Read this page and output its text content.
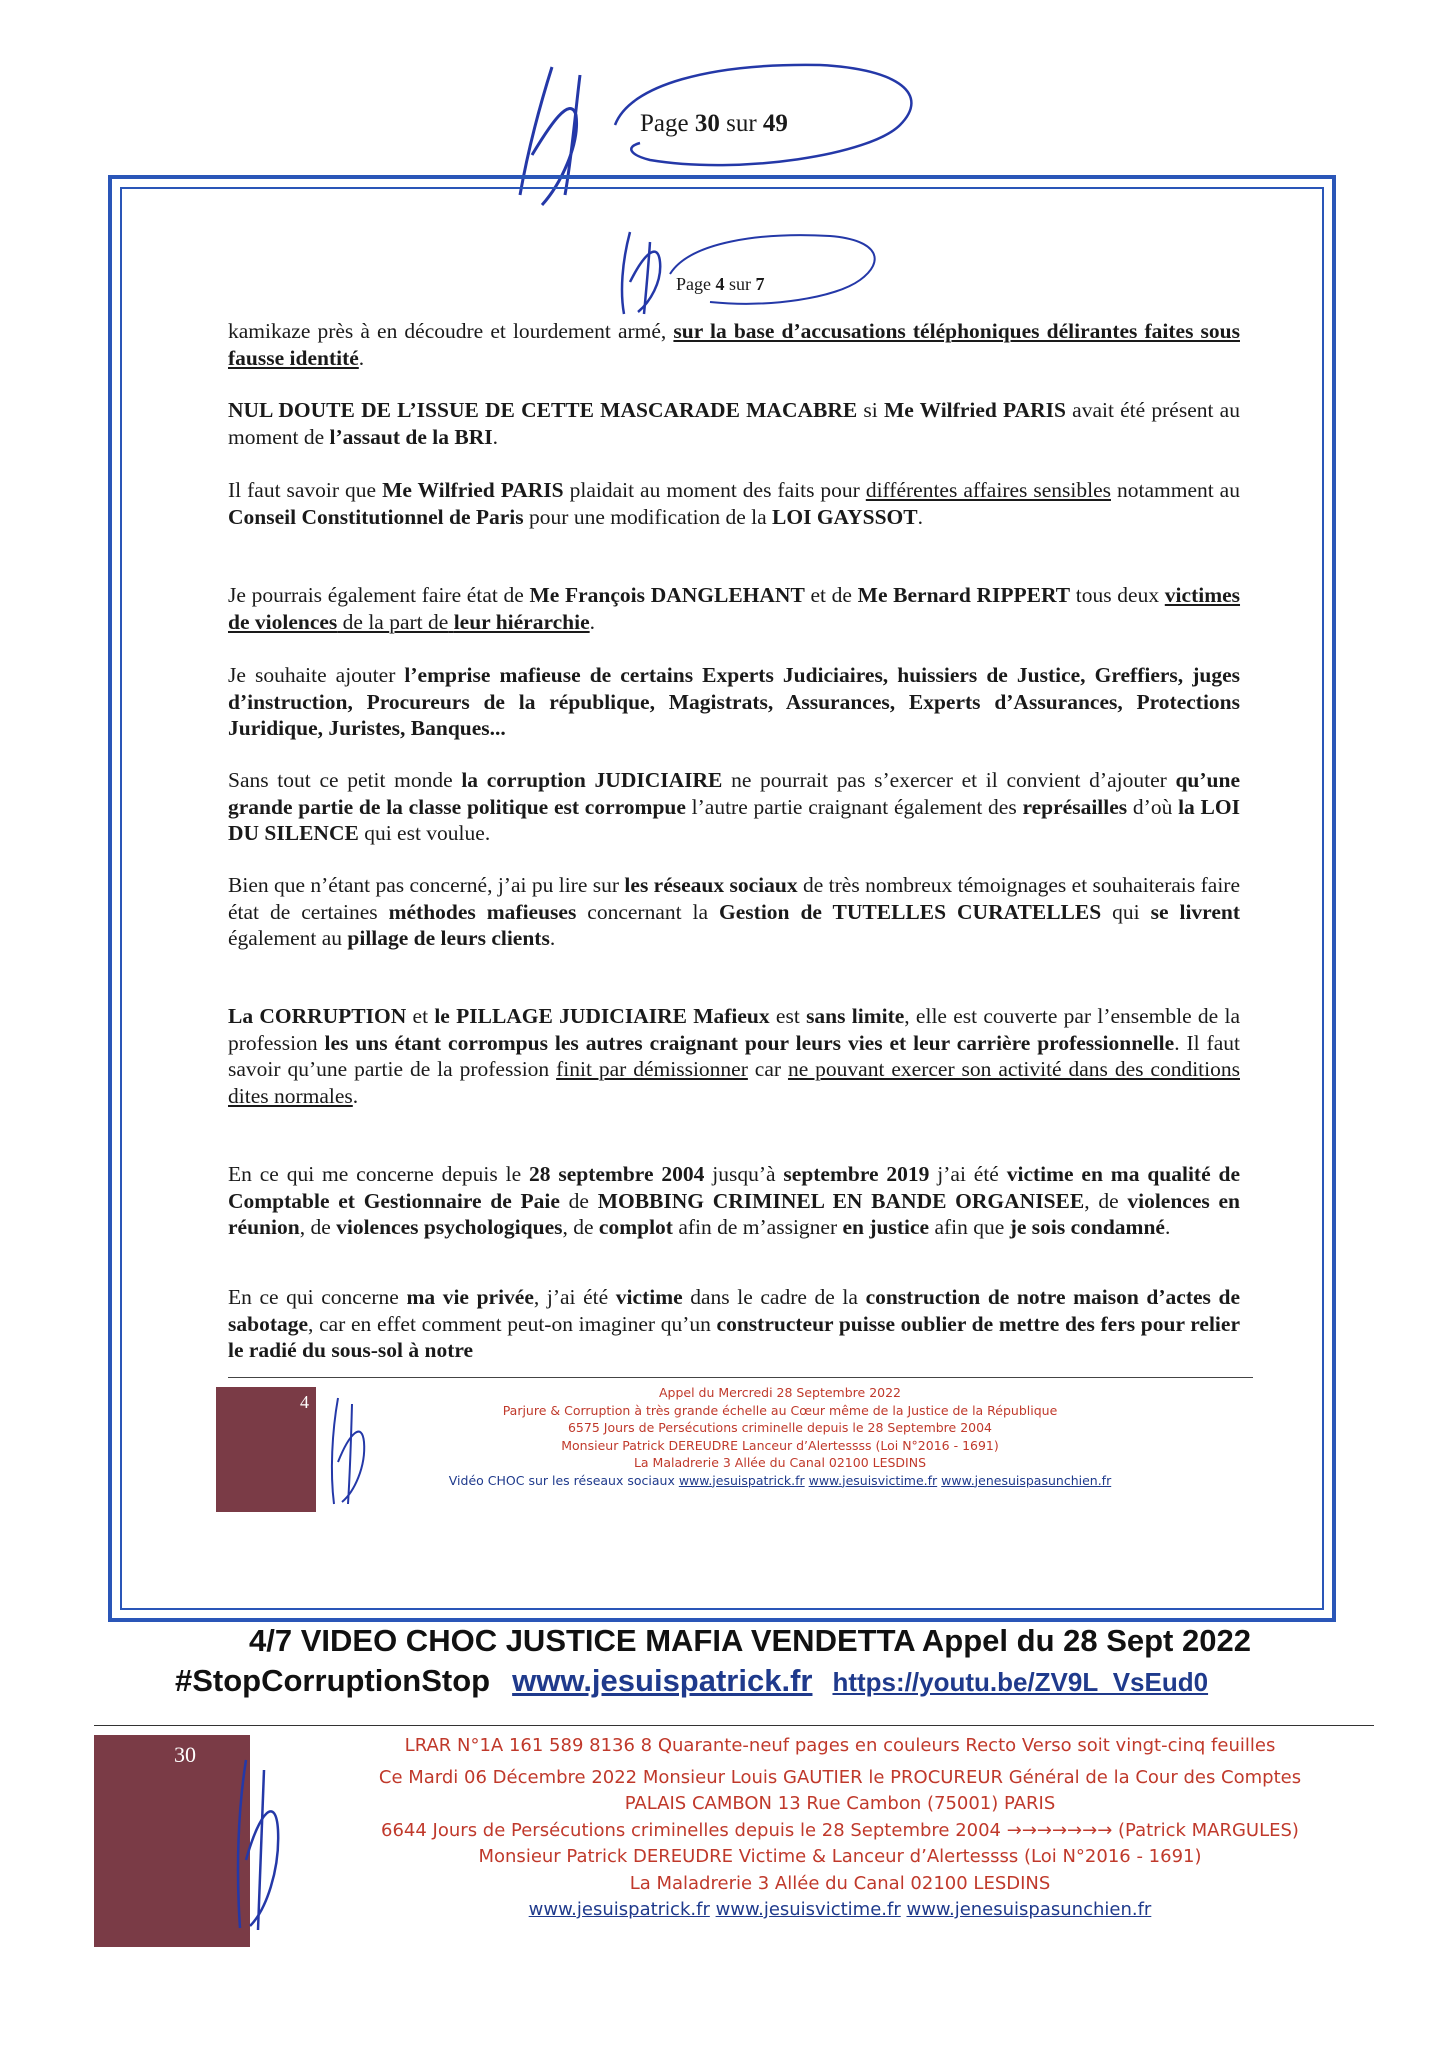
Page 30 sur 49
Page 4 sur 7

kamikaze près à en découdre et lourdement armé, sur la base d’accusations téléphoniques délirantes faites sous fausse identité.

NUL DOUTE DE L’ISSUE DE CETTE MASCARADE MACABRE si Me Wilfried PARIS avait été présent au moment de l’assaut de la BRI.

Il faut savoir que Me Wilfried PARIS plaidait au moment des faits pour différentes affaires sensibles notamment au Conseil Constitutionnel de Paris pour une modification de la LOI GAYSSOT.

Je pourrais également faire état de Me François DANGLEHANT et de Me Bernard RIPPERT tous deux victimes de violences de la part de leur hiérarchie.

Je souhaite ajouter l’emprise mafieuse de certains Experts Judiciaires, huissiers de Justice, Greffiers, juges d’instruction, Procureurs de la république, Magistrats, Assurances, Experts d’Assurances, Protections Juridique, Juristes, Banques...

Sans tout ce petit monde la corruption JUDICIAIRE ne pourrait pas s’exercer et il convient d’ajouter qu’une grande partie de la classe politique est corrompue l’autre partie craignant également des représailles d’où la LOI DU SILENCE qui est voulue.

Bien que n’étant pas concerné, j’ai pu lire sur les réseaux sociaux de très nombreux témoignages et souhaiterais faire état de certaines méthodes mafieuses concernant la Gestion de TUTELLES CURATELLES qui se livrent également au pillage de leurs clients.

La CORRUPTION et le PILLAGE JUDICIAIRE Mafieux est sans limite, elle est couverte par l’ensemble de la profession les uns étant corrompus les autres craignant pour leurs vies et leur carrière professionnelle. Il faut savoir qu’une partie de la profession finit par démissionner car ne pouvant exercer son activité dans des conditions dites normales.

En ce qui me concerne depuis le 28 septembre 2004 jusqu’à septembre 2019 j’ai été victime en ma qualité de Comptable et Gestionnaire de Paie de MOBBING CRIMINEL EN BANDE ORGANISEE, de violences en réunion, de violences psychologiques, de complot afin de m’assigner en justice afin que je sois condamné.

En ce qui concerne ma vie privée, j’ai été victime dans le cadre de la construction de notre maison d’actes de sabotage, car en effet comment peut-on imaginer qu’un constructeur puisse oublier de mettre des fers pour relier le radié du sous-sol à notre

4	Appel du Mercredi 28 Septembre 2022
Parjure & Corruption à très grande échelle au Cœur même de la Justice de la République
6575 Jours de Persécutions criminelle depuis le 28 Septembre 2004
Monsieur Patrick DEREUDRE Lanceur d’Alertessss (Loi N°2016 - 1691)
La Maladrerie 3 Allée du Canal 02100 LESDINS
Vidéo CHOC sur les réseaux sociaux www.jesuispatrick.fr www.jesuisvictime.fr www.jenesuispasunchien.fr
4/7 VIDEO CHOC JUSTICE MAFIA VENDETTA Appel du 28 Sept 2022
#StopCorruptionStop www.jesuispatrick.fr https://youtu.be/ZV9L_VsEud0
30	LRAR N°1A 161 589 8136 8 Quarante-neuf pages en couleurs Recto Verso soit vingt-cinq feuilles
Ce Mardi 06 Décembre 2022 Monsieur Louis GAUTIER le PROCUREUR Général de la Cour des Comptes
PALAIS CAMBON 13 Rue Cambon (75001) PARIS
6644 Jours de Persécutions criminelles depuis le 28 Septembre 2004 →→→→→→→ (Patrick MARGULES)
Monsieur Patrick DEREUDRE Victime & Lanceur d’Alertessss (Loi N°2016 - 1691)
La Maladrerie 3 Allée du Canal 02100 LESDINS
www.jesuispatrick.fr www.jesuisvictime.fr www.jenesuispasunchien.fr
